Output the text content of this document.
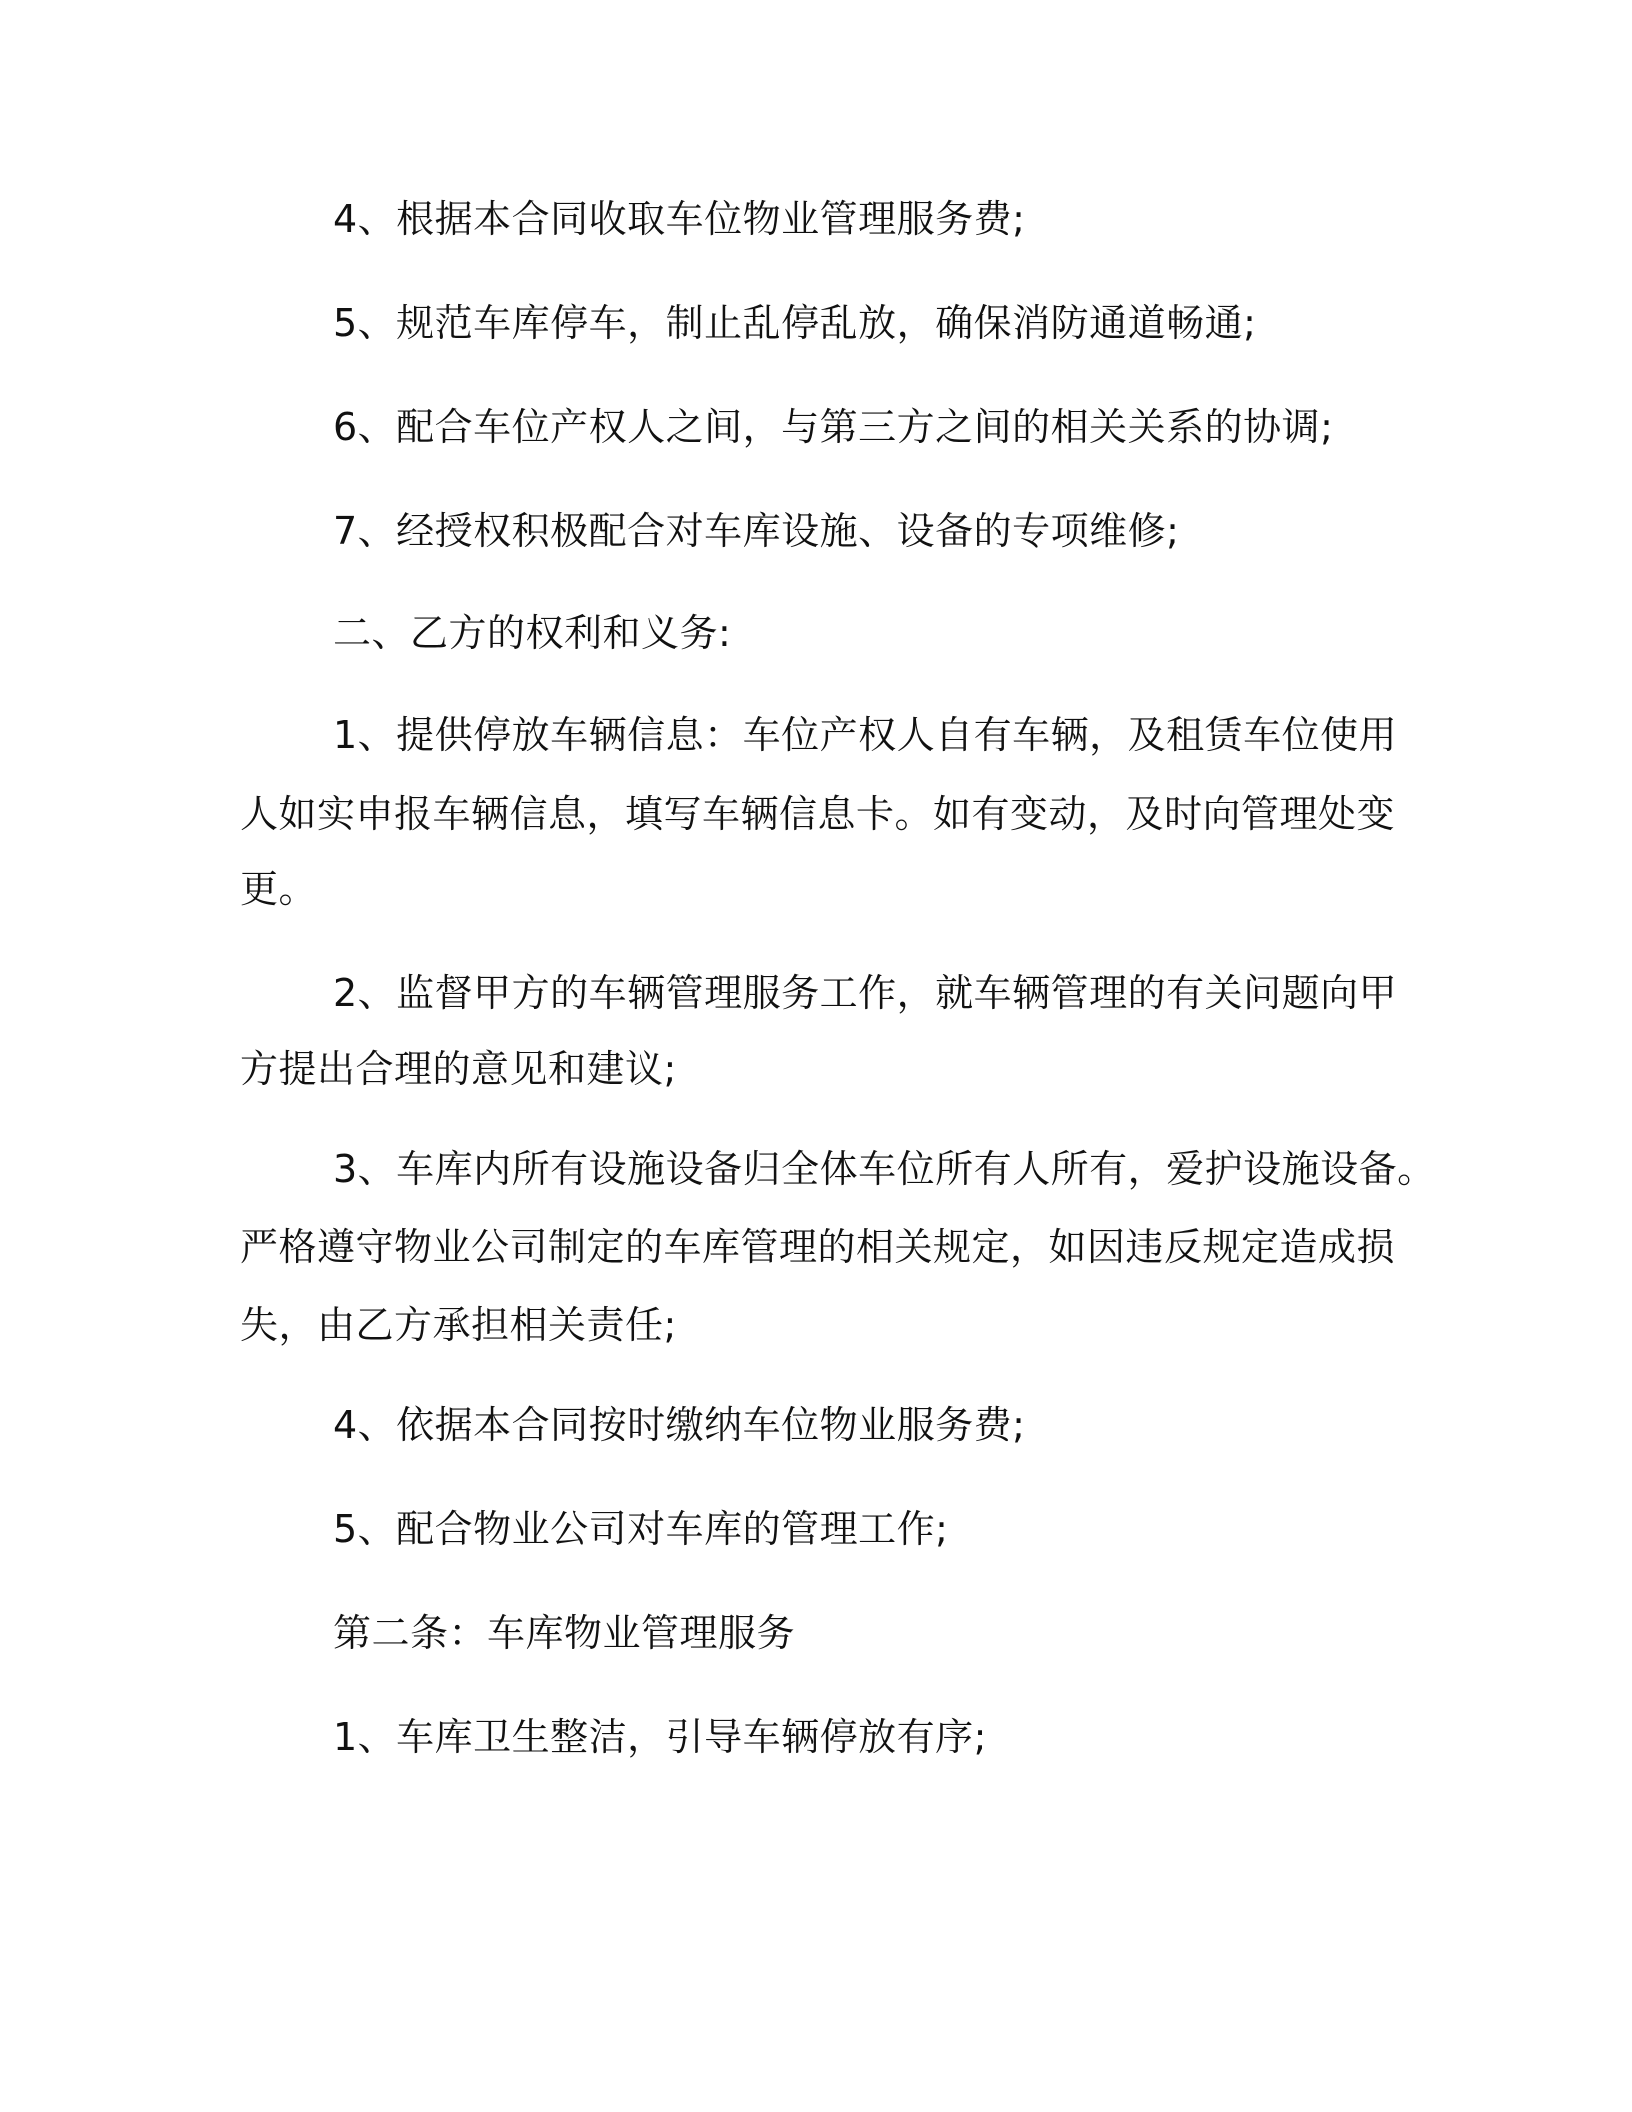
4、根据本合同收取车位物业管理服务费;
5、规范车库停车，制止乱停乱放，确保消防通道畅通;
6、配合车位产权人之间，与第三方之间的相关关系的协调;
7、经授权积极配合对车库设施、设备的专项维修;
二、乙方的权利和义务:
1、提供停放车辆信息：车位产权人自有车辆，及租赁车位使用
人如实申报车辆信息，填写车辆信息卡。如有变动，及时向管理处变
更。
2、监督甲方的车辆管理服务工作，就车辆管理的有关问题向甲
方提出合理的意见和建议;
3、车库内所有设施设备归全体车位所有人所有，爱护设施设备。
严格遵守物业公司制定的车库管理的相关规定，如因违反规定造成损
失，由乙方承担相关责任;
4、依据本合同按时缴纳车位物业服务费;
5、配合物业公司对车库的管理工作;
第二条：车库物业管理服务
1、车库卫生整洁，引导车辆停放有序;
